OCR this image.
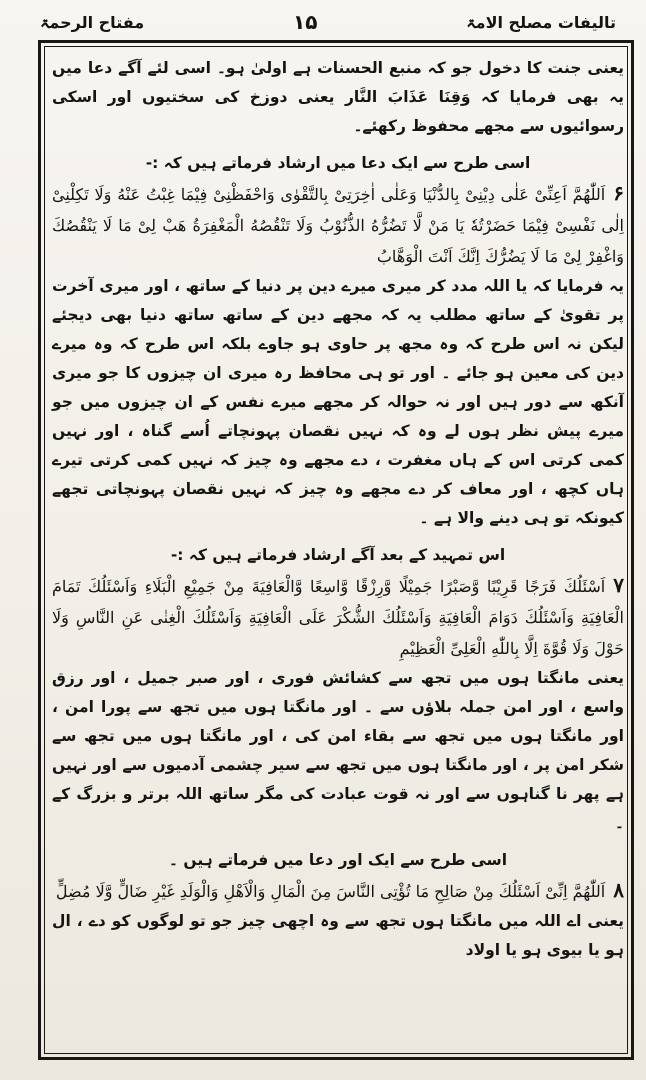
مفتاح الرحمۃ	۱۵	تالیفات مصلح الامۃ

یعنی جنت کا دخول جو کہ منبع الحسنات ہے اولیٰ ہو۔ اسی لئے آگے دعا میں یہ بھی فرمایا کہ وَقِنَا عَذَابَ النَّار یعنی دوزخ کی سختیوں اور اسکی رسوائیوں سے مجھے محفوظ رکھئے۔

اسی طرح سے ایک دعا میں ارشاد فرماتے ہیں کہ :-

۶اَللّٰهُمَّ اَعِنِّیْ عَلٰی دِیْنِیْ بِالدُّنْیَا وَعَلٰی اٰخِرَتِیْ بِالتَّقْوٰی وَاحْفَظْنِیْ فِیْمَا غِبْتُ عَنْهُ وَلَا تَکِلْنِیْ اِلٰی نَفْسِیْ فِیْمَا حَضَرْتُهٗ یَا مَنْ لَّا تَضُرُّهُ الذُّنُوْبُ وَلَا تَنْقُصُهُ الْمَغْفِرَةُ هَبْ لِیْ مَا لَا یَنْقُصُكَ وَاغْفِرْ لِیْ مَا لَا یَضُرُّكَ اِنَّكَ اَنْتَ الْوَهَّابُ

یہ فرمایا کہ یا اللہ مدد کر میری میرے دین پر دنیا کے ساتھ ، اور میری آخرت پر تقویٰ کے ساتھ مطلب یہ کہ مجھے دین کے ساتھ ساتھ دنیا بھی دیجئے لیکن نہ اس طرح کہ وہ مجھ پر حاوی ہو جاوے بلکہ اس طرح کہ وہ میرے دین کی معین ہو جائے ۔ اور تو ہی محافظ رہ میری ان چیزوں کا جو میری آنکھ سے دور ہیں اور نہ حوالہ کر مجھے میرے نفس کے ان چیزوں میں جو میرے پیش نظر ہوں لے وہ کہ نہیں نقصان پہونچاتے اُسے گناہ ، اور نہیں کمی کرتی اس کے ہاں مغفرت ، دے مجھے وہ چیز کہ نہیں کمی کرتی تیرے ہاں کچھ ، اور معاف کر دے مجھے وہ چیز کہ نہیں نقصان پہونچاتی تجھے کیونکہ تو ہی دینے والا ہے ۔

اس تمہید کے بعد آگے ارشاد فرماتے ہیں کہ :-

۷اَسْئَلُكَ فَرَجًا قَرِیْبًا وَّصَبْرًا جَمِیْلًا وَّرِزْقًا وَّاسِعًا وَّالْعَافِیَةَ مِنْ جَمِیْعِ الْبَلَاءِ وَاَسْئَلُكَ تَمَامَ الْعَافِیَةِ وَاَسْئَلُكَ دَوَامَ الْعَافِیَةِ وَاَسْئَلُكَ الشُّکْرَ عَلَی الْعَافِیَةِ وَاَسْئَلُكَ الْغِنٰی عَنِ النَّاسِ وَلَا حَوْلَ وَلَا قُوَّةَ اِلَّا بِاللّٰهِ الْعَلِیِّ الْعَظِیْمِ

یعنی مانگتا ہوں میں تجھ سے کشائش فوری ، اور صبر جمیل ، اور رزق واسع ، اور امن جملہ بلاؤں سے ۔ اور مانگتا ہوں میں تجھ سے پورا امن ، اور مانگتا ہوں میں تجھ سے بقاء امن کی ، اور مانگتا ہوں میں تجھ سے شکر امن پر ، اور مانگتا ہوں میں تجھ سے سیر چشمی آدمیوں سے اور نہیں ہے پھر نا گناہوں سے اور نہ قوت عبادت کی مگر ساتھ اللہ برتر و بزرگ کے ۔

اسی طرح سے ایک اور دعا میں فرماتے ہیں ۔

۸اَللّٰهُمَّ اِنِّیْ اَسْئَلُكَ مِنْ صَالِحِ مَا تُؤْتِی النَّاسَ مِنَ الْمَالِ وَالْاَهْلِ وَالْوَلَدِ غَیْرِ ضَالٍّ وَّلَا مُضِلٍّ

یعنی اے اللہ میں مانگتا ہوں تجھ سے وہ اچھی چیز جو تو لوگوں کو دے ، ال ہو یا بیوی ہو یا اولاد
